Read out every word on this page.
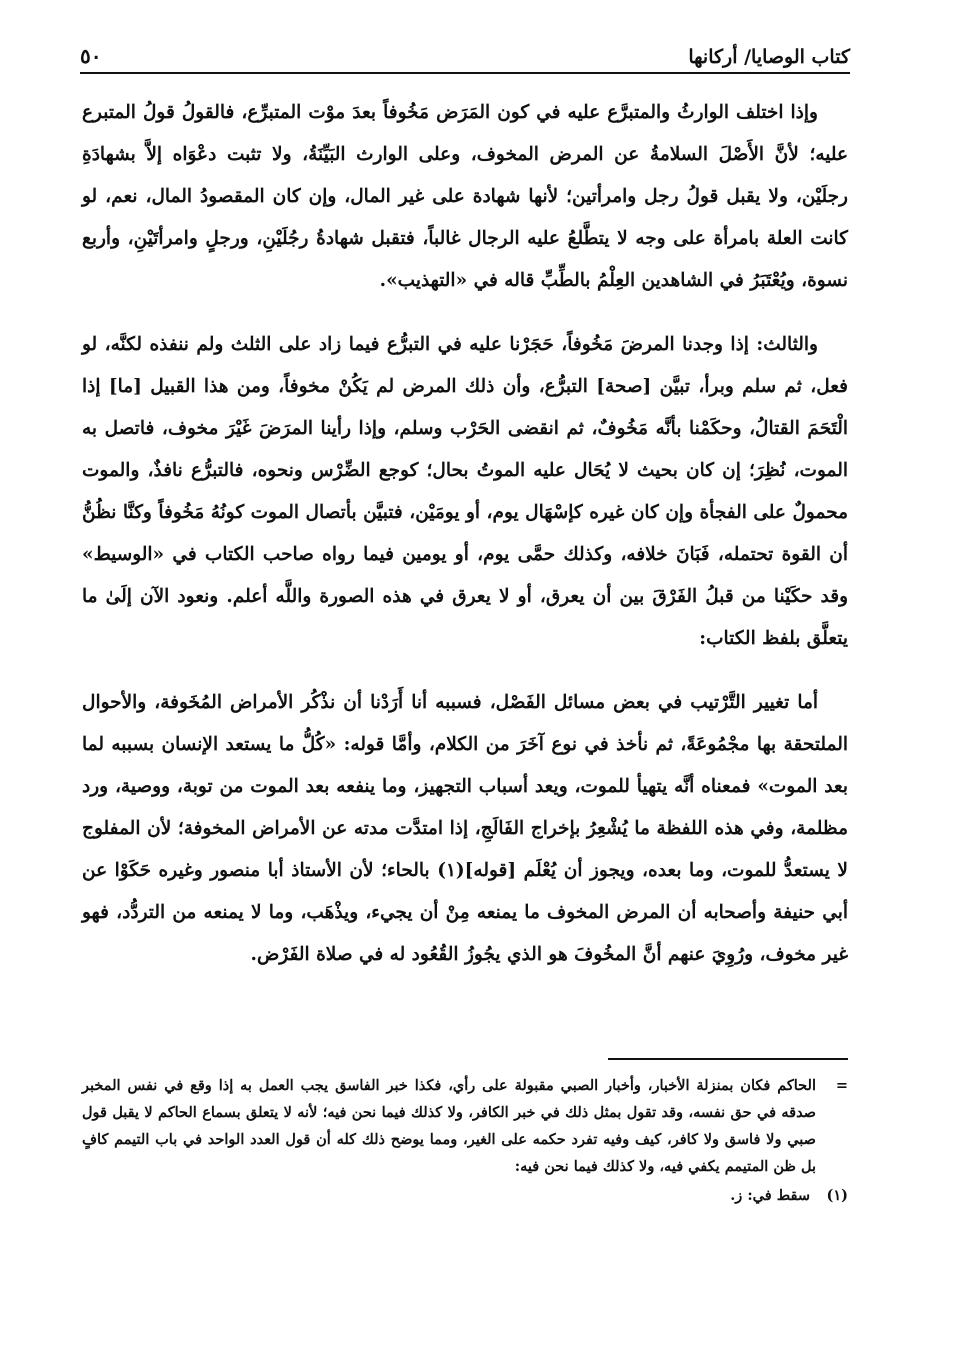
كتاب الوصايا/ أركانها
٥٠

وإذا اختلف الوارثُ والمتبرَّع عليه في كون المَرَض مَخُوفاً بعدَ موْت المتبرِّع، فالقولُ قولُ المتبرع عليه؛ لأنَّ الأَصْلَ السلامةُ عن المرض المخوف، وعلى الوارث البَيِّنَةُ، ولا تثبت دعْوَاه إلاَّ بشهادَةِ رجلَيْن، ولا يقبل قولُ رجل وامرأتين؛ لأنها شهادة على غير المال، وإن كان المقصودُ المال، نعم، لو كانت العلة بامرأة على وجه لا يتطَّلعُ عليه الرجال غالباً، فتقبل شهادةُ رجُلَيْنِ، ورجلٍ وامرأتَيْنِ، وأربع نسوة، ويُعْتَبَرُ في الشاهدين العِلْمُ بالطِّبِّ قاله في «التهذيب».

والثالث: إذا وجدنا المرضَ مَخُوفاً، حَجَرْنا عليه في التبرُّع فيما زاد على الثلث ولم ننفذه لكنَّه، لو فعل، ثم سلم وبرأ، تبيَّن [صحة] التبرُّع، وأن ذلك المرض لم يَكُنْ مخوفاً، ومن هذا القبيل [ما] إذا الْتَحَمَ القتالُ، وحكَمْنا بأنَّه مَخُوفٌ، ثم انقضى الحَرْب وسلم، وإذا رأينا المرَضَ غَيْرَ مخوف، فاتصل به الموت، نُظِرَ؛ إن كان بحيث لا يُحَال عليه الموتُ بحال؛ كوجع الضِّرْس ونحوه، فالتبرُّع نافذٌ، والموت محمولٌ على الفجأة وإن كان غيره كإسْهَال يوم، أو يومَيْن، فتبيَّن بأتصال الموت كونُهُ مَخُوفاً وكنَّا نظُنُّ أن القوة تحتمله، فَبَانَ خلافه، وكذلك حمَّى يوم، أو يومين فيما رواه صاحب الكتاب في «الوسيط» وقد حكَيْنا من قبلُ الفَرْقَ بين أن يعرق، أو لا يعرق في هذه الصورة واللَّه أعلم. ونعود الآن إلَىٰ ما يتعلَّق بلفظ الكتاب:

أما تغيير التَّرْتيب في بعض مسائل الفَصْل، فسببه أنا أَرَدْنا أن نذْكُر الأمراض المُخَوفة، والأحوال الملتحقة بها مجْمُوعَةً، ثم نأخذ في نوع آخَرَ من الكلام، وأمَّا قوله: «كُلُّ ما يستعد الإنسان بسببه لما بعد الموت» فمعناه أنَّه يتهيأ للموت، ويعد أسباب التجهيز، وما ينفعه بعد الموت من توبة، ووصية، ورد مظلمة، وفي هذه اللفظة ما يُشْعِرُ بإخراج الفَالَجِ، إذا امتدَّت مدته عن الأمراض المخوفة؛ لأن المفلوج لا يستعدُّ للموت، وما بعده، ويجوز أن يُعْلَم [قوله](١) بالحاء؛ لأن الأستاذ أبا منصور وغيره حَكَوْا عن أبي حنيفة وأصحابه أن المرض المخوف ما يمنعه مِنْ أن يجيء، ويذْهَب، وما لا يمنعه من التردُّد، فهو غير مخوف، ورُوِيَ عنهم أنَّ المخُوفَ هو الذي يجُوزُ القُعُود له في صلاة الفَرْض.

=
الحاكم فكان بمنزلة الأخبار، وأخبار الصبي مقبولة على رأي، فكذا خبر الفاسق يجب العمل به إذا وقع في نفس المخبر صدقه في حق نفسه، وقد تقول بمثل ذلك في خبر الكافر، ولا كذلك فيما نحن فيه؛ لأنه لا يتعلق بسماع الحاكم لا يقبل قول صبي ولا فاسق ولا كافر، كيف وفيه تفرد حكمه على الغير، ومما يوضح ذلك كله أن قول العدد الواحد في باب التيمم كافٍ بل ظن المتيمم يكفي فيه، ولا كذلك فيما نحن فيه:
(١)
سقط في: ز.
